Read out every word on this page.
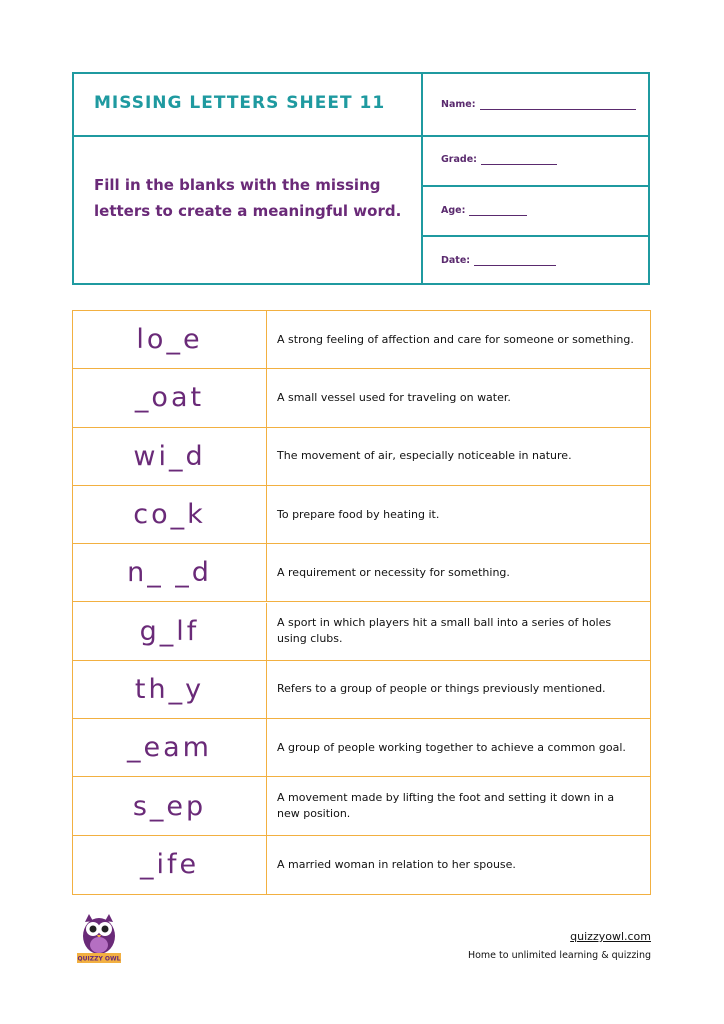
MISSING LETTERS SHEET 11
Fill in the blanks with the missing letters to create a meaningful word.
Name:
Grade:
Age:
Date:
lo_e	A strong feeling of affection and care for someone or something.
_oat	A small vessel used for traveling on water.
wi_d	The movement of air, especially noticeable in nature.
co_k	To prepare food by heating it.
n_ _d	A requirement or necessity for something.
g_lf	A sport in which players hit a small ball into a series of holes using clubs.
th_y	Refers to a group of people or things previously mentioned.
_eam	A group of people working together to achieve a common goal.
s_ep	A movement made by lifting the foot and setting it down in a new position.
_ife	A married woman in relation to her spouse.
QUIZZY OWL
quizzyowl.com
Home to unlimited learning & quizzing
